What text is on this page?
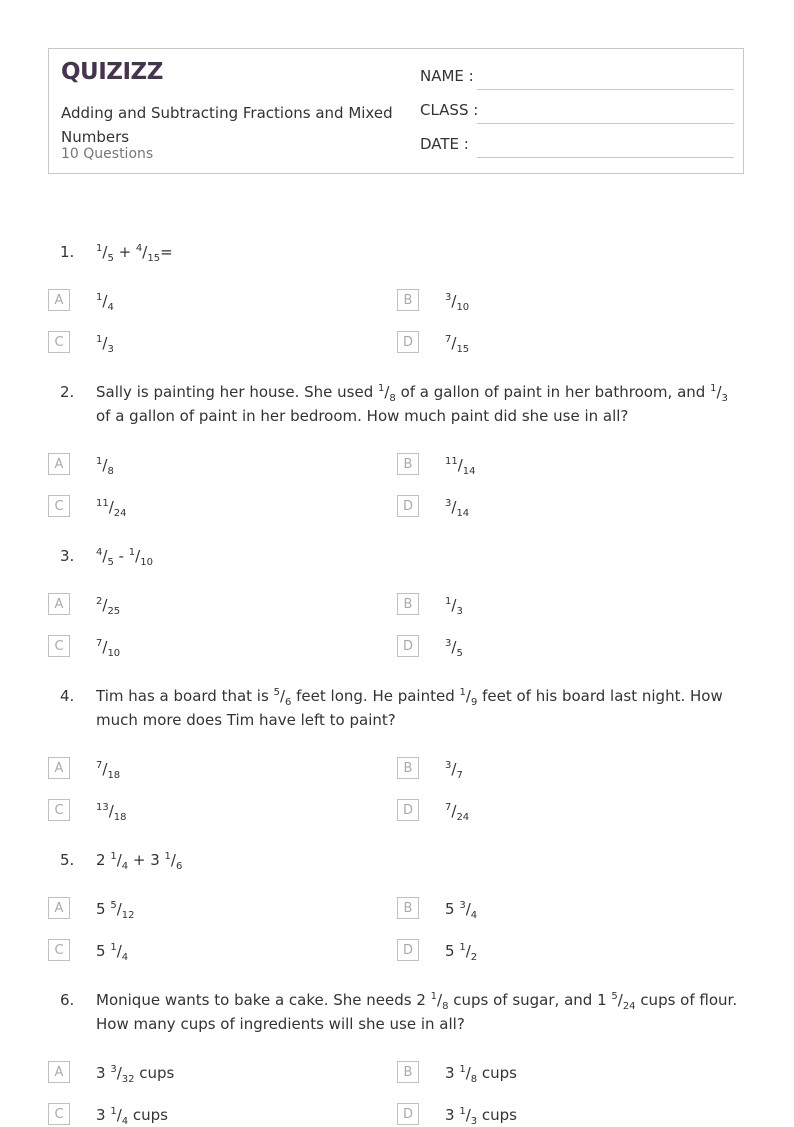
QUIZIZZ
Adding and Subtracting Fractions and Mixed Numbers
10 Questions
NAME :
CLASS :
DATE :
1. $^1/_5 + ^4/_{15}=$
A	$^1/_4$	B	$^3/_{10}$
C	$^1/_3$	D	$^7/_{15}$
2. Sally is painting her house. She used $^1/_8$ of a gallon of paint in her bathroom, and $^1/_3$ of a gallon of paint in her bedroom. How much paint did she use in all?
A	$^1/_8$	B	$^{11}/_{14}$
C	$^{11}/_{24}$	D	$^3/_{14}$
3. $^4/_5 - ^1/_{10}$
A	$^2/_{25}$	B	$^1/_3$
C	$^7/_{10}$	D	$^3/_5$
4. Tim has a board that is $^5/_6$ feet long. He painted $^1/_9$ feet of his board last night. How much more does Tim have left to paint?
A	$^7/_{18}$	B	$^3/_7$
C	$^{13}/_{18}$	D	$^7/_{24}$
5. 2 $^1/_4 + 3$ $^1/_6$
A	5 $^5/_{12}$	B	5 $^3/_4$
C	5 $^1/_4$	D	5 $^1/_2$
6. Monique wants to bake a cake. She needs 2 $^1/_8$ cups of sugar, and 1 $^5/_{24}$ cups of flour. How many cups of ingredients will she use in all?
A	3 $^3/_{32}$ cups	B	3 $^1/_8$ cups
C	3 $^1/_4$ cups	D	3 $^1/_3$ cups
